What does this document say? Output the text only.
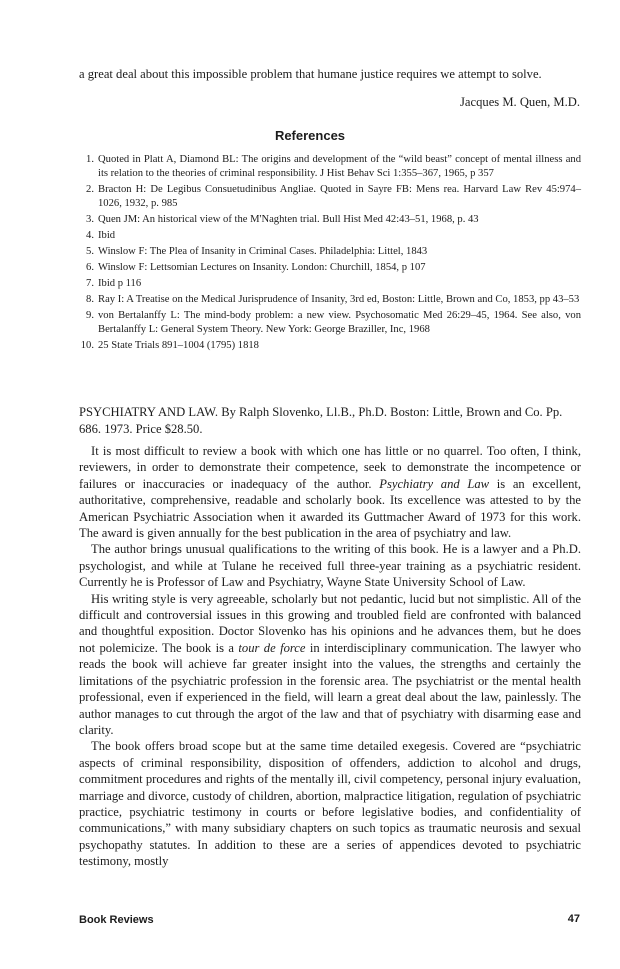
a great deal about this impossible problem that humane justice requires we attempt to solve.

Jacques M. Quen, M.D.
References
1. Quoted in Platt A, Diamond BL: The origins and development of the “wild beast” concept of mental illness and its relation to the theories of criminal responsibility. J Hist Behav Sci 1:355–367, 1965, p 357
2. Bracton H: De Legibus Consuetudinibus Angliae. Quoted in Sayre FB: Mens rea. Harvard Law Rev 45:974–1026, 1932, p. 985
3. Quen JM: An historical view of the M'Naghten trial. Bull Hist Med 42:43–51, 1968, p. 43
4. Ibid
5. Winslow F: The Plea of Insanity in Criminal Cases. Philadelphia: Littel, 1843
6. Winslow F: Lettsomian Lectures on Insanity. London: Churchill, 1854, p 107
7. Ibid p 116
8. Ray I: A Treatise on the Medical Jurisprudence of Insanity, 3rd ed, Boston: Little, Brown and Co, 1853, pp 43–53
9. von Bertalanffy L: The mind-body problem: a new view. Psychosomatic Med 26:29–45, 1964. See also, von Bertalanffy L: General System Theory. New York: George Braziller, Inc, 1968
10. 25 State Trials 891–1004 (1795) 1818

PSYCHIATRY AND LAW. By Ralph Slovenko, Ll.B., Ph.D. Boston: Little, Brown and Co. Pp. 686. 1973. Price $28.50.

It is most difficult to review a book with which one has little or no quarrel. Too often, I think, reviewers, in order to demonstrate their competence, seek to demonstrate the incompetence or failures or inaccuracies or inadequacy of the author. Psychiatry and Law is an excellent, authoritative, comprehensive, readable and scholarly book. Its excellence was attested to by the American Psychiatric Association when it awarded its Guttmacher Award of 1973 for this work. The award is given annually for the best publication in the area of psychiatry and law.

The author brings unusual qualifications to the writing of this book. He is a lawyer and a Ph.D. psychologist, and while at Tulane he received full three-year training as a psychiatric resident. Currently he is Professor of Law and Psychiatry, Wayne State University School of Law.

His writing style is very agreeable, scholarly but not pedantic, lucid but not simplistic. All of the difficult and controversial issues in this growing and troubled field are confronted with balanced and thoughtful exposition. Doctor Slovenko has his opinions and he advances them, but he does not polemicize. The book is a tour de force in interdisciplinary communication. The lawyer who reads the book will achieve far greater insight into the values, the strengths and certainly the limitations of the psychiatric profession in the forensic area. The psychiatrist or the mental health professional, even if experienced in the field, will learn a great deal about the law, painlessly. The author manages to cut through the argot of the law and that of psychiatry with disarming ease and clarity.

The book offers broad scope but at the same time detailed exegesis. Covered are “psychiatric aspects of criminal responsibility, disposition of offenders, addiction to alcohol and drugs, commitment procedures and rights of the mentally ill, civil competency, personal injury evaluation, marriage and divorce, custody of children, abortion, malpractice litigation, regulation of psychiatric practice, psychiatric testimony in courts or before legislative bodies, and confidentiality of communications,” with many subsidiary chapters on such topics as traumatic neurosis and sexual psychopathy statutes. In addition to these are a series of appendices devoted to psychiatric testimony, mostly

Book Reviews	47
